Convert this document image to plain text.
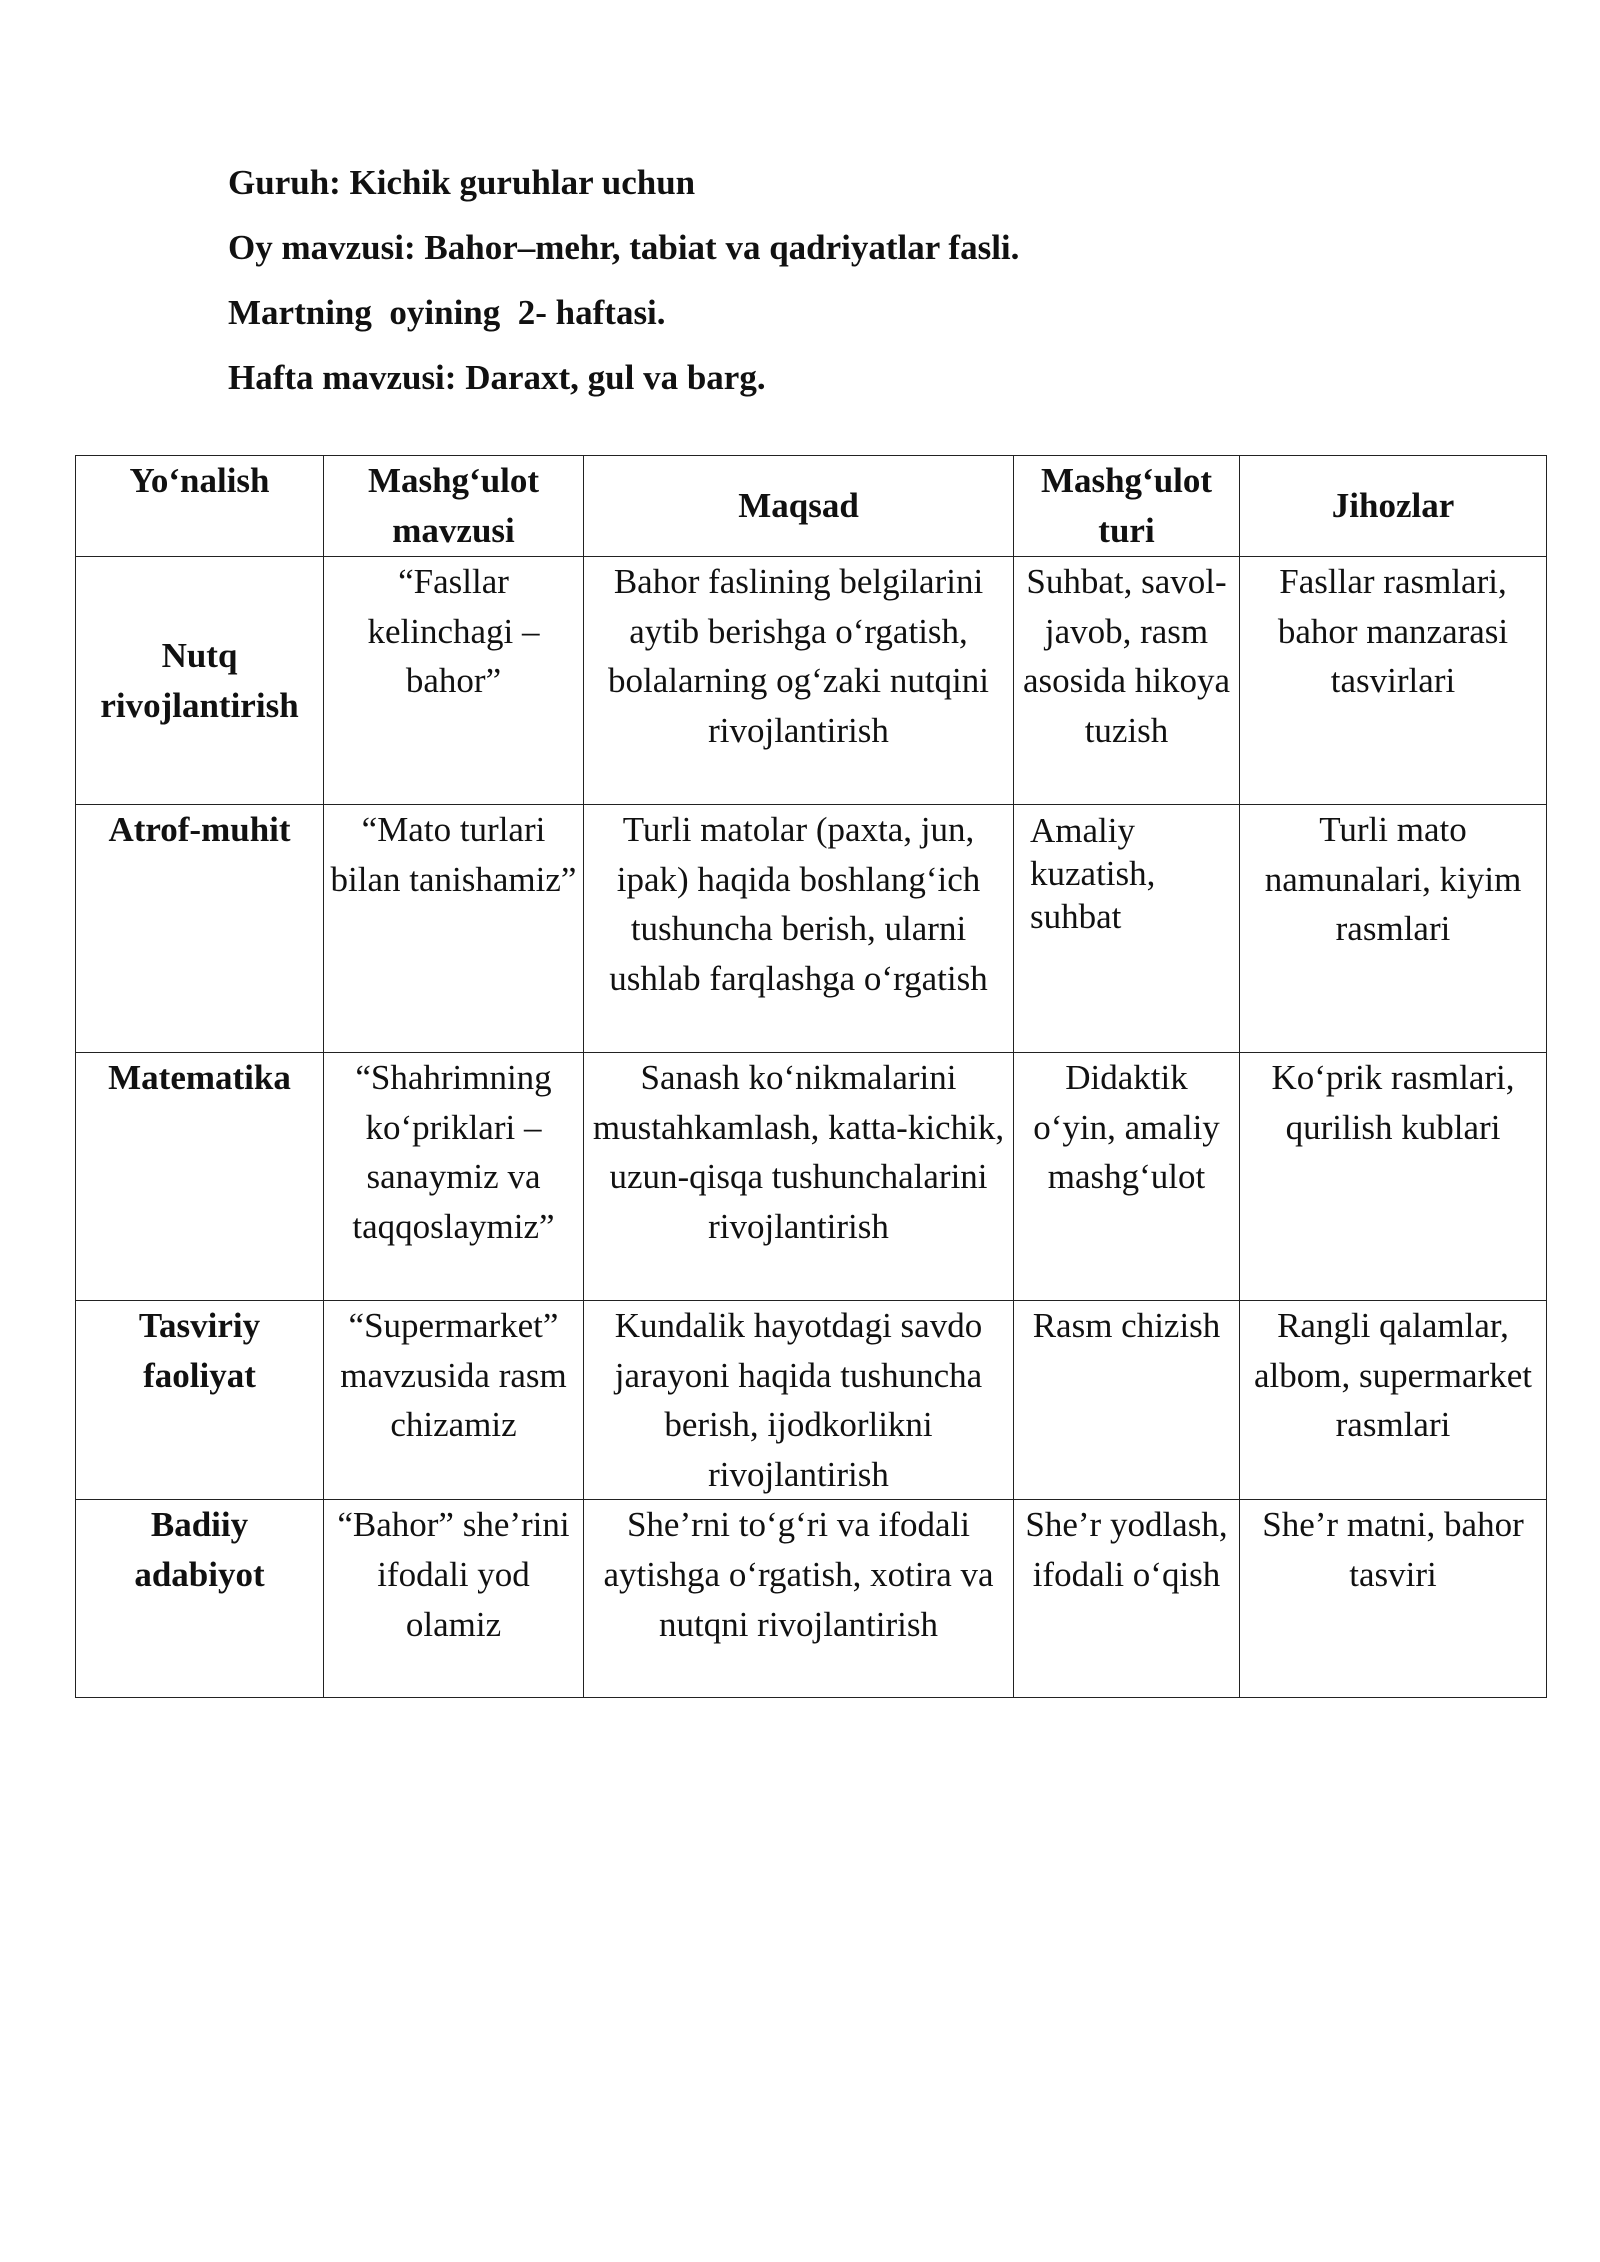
Guruh: Kichik guruhlar uchun
Oy mavzusi: Bahor–mehr, tabiat va qadriyatlar fasli.
Martning  oyining  2- haftasi.
Hafta mavzusi: Daraxt, gul va barg.
Yo‘nalish	Mashg‘ulot mavzusi	Maqsad	Mashg‘ulot turi	Jihozlar
Nutq rivojlantirish	“Fasllar kelinchagi – bahor”	Bahor faslining belgilarini aytib berishga o‘rgatish, bolalarning og‘zaki nutqini rivojlantirish	Suhbat, savol-javob, rasm asosida hikoya tuzish	Fasllar rasmlari, bahor manzarasi tasvirlari
Atrof-muhit	“Mato turlari bilan tanishamiz”	Turli matolar (paxta, jun, ipak) haqida boshlang‘ich tushuncha berish, ularni ushlab farqlashga o‘rgatish	Amaliy kuzatish, suhbat	Turli mato namunalari, kiyim rasmlari
Matematika	“Shahrimning ko‘priklari – sanaymiz va taqqoslaymiz”	Sanash ko‘nikmalarini mustahkamlash, katta-kichik, uzun-qisqa tushunchalarini rivojlantirish	Didaktik o‘yin, amaliy mashg‘ulot	Ko‘prik rasmlari, qurilish kublari
Tasviriy faoliyat	“Supermarket” mavzusida rasm chizamiz	Kundalik hayotdagi savdo jarayoni haqida tushuncha berish, ijodkorlikni rivojlantirish	Rasm chizish	Rangli qalamlar, albom, supermarket rasmlari
Badiiy adabiyot	“Bahor” she’rini ifodali yod olamiz	She’rni to‘g‘ri va ifodali aytishga o‘rgatish, xotira va nutqni rivojlantirish	She’r yodlash, ifodali o‘qish	She’r matni, bahor tasviri
